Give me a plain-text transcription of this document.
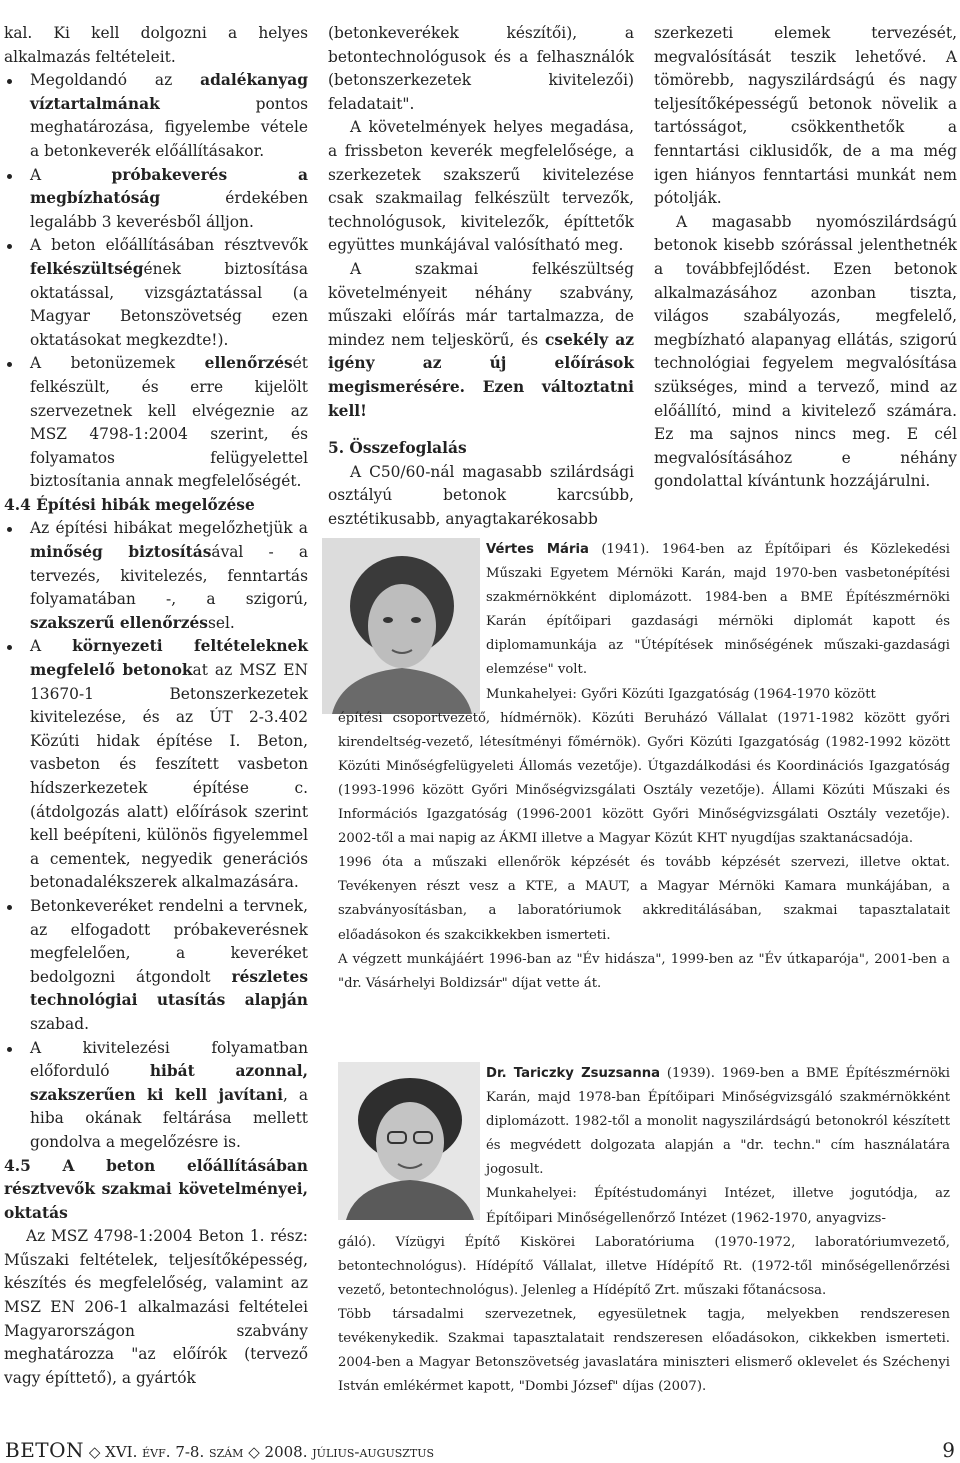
kal. Ki kell dolgozni a helyes alkalmazás feltételeit.

Megoldandó az adalékanyag víztartalmának pontos meghatározása, figyelembe vétele a betonkeverék előállításakor.
A próbakeverés a megbízhatóság érdekében legalább 3 keverésből álljon.
A beton előállításában résztvevők felkészültségének biztosítása oktatással, vizsgáztatással (a Magyar Betonszövetség ezen oktatásokat megkezdte!).
A betonüzemek ellenőrzését felkészült, és erre kijelölt szervezetnek kell elvégeznie az MSZ 4798-1:2004 szerint, és folyamatos felügyelettel biztosítania annak megfelelőségét.
4.4 Építési hibák megelőzése
Az építési hibákat megelőzhetjük a minőség biztosításával - a tervezés, kivitelezés, fenntartás folyamatában -, a szigorú, szakszerű ellenőrzéssel.
A környezeti feltételeknek megfelelő betonokat az MSZ EN 13670-1 Betonszerkezetek kivitelezése, és az ÚT 2-3.402 Közúti hidak építése I. Beton, vasbeton és feszített vasbeton hídszerkezetek építése c. (átdolgozás alatt) előírások szerint kell beépíteni, különös figyelemmel a cementek, negyedik generációs betonadalékszerek alkalmazására.
Betonkeveréket rendelni a tervnek, az elfogadott próbakeverésnek megfelelően, a keveréket bedolgozni átgondolt részletes technológiai utasítás alapján szabad.
A kivitelezési folyamatban előforduló hibát azonnal, szakszerűen ki kell javítani, a hiba okának feltárása mellett gondolva a megelőzésre is.
4.5 A beton előállításában résztvevők szakmai követelményei, oktatás

Az MSZ 4798-1:2004 Beton 1. rész: Műszaki feltételek, teljesítőképesség, készítés és megfelelőség, valamint az MSZ EN 206-1 alkalmazási feltételei Magyarországon szabvány meghatározza "az előírók (tervező vagy építtető), a gyártók

(betonkeverékek készítői), a betontechnológusok és a felhasználók (betonszerkezetek kivitelezői) feladatait".

A követelmények helyes megadása, a frissbeton keverék megfelelősége, a szerkezetek szakszerű kivitelezése csak szakmailag felkészült tervezők, technológusok, kivitelezők, építtetők együttes munkájával valósítható meg.

A szakmai felkészültség követelményeit néhány szabvány, műszaki előírás már tartalmazza, de mindez nem teljeskörű, és csekély az igény az új előírások megismerésére. Ezen változtatni kell!

5. Összefoglalás

A C50/60-nál magasabb szilárdsági osztályú betonok karcsúbb, esztétikusabb, anyagtakarékosabb

szerkezeti elemek tervezését, megvalósítását teszik lehetővé. A tömörebb, nagyszilárdságú és nagy teljesítőképességű betonok növelik a tartósságot, csökkenthetők a fenntartási ciklusidők, de a ma még igen hiányos fenntartási munkát nem pótolják.

A magasabb nyomószilárdságú betonok kisebb szórással jelenthetnék a továbbfejlődést. Ezen betonok alkalmazásához azonban tiszta, világos szabályozás, megfelelő, megbízható alapanyag ellátás, szigorú technológiai fegyelem megvalósítása szükséges, mind a tervező, mind az előállító, mind a kivitelező számára. Ez ma sajnos nincs meg. E cél megvalósításához e néhány gondolattal kívántunk hozzájárulni.

Vértes Mária (1941). 1964-ben az Építőipari és Közlekedési Műszaki Egyetem Mérnöki Karán, majd 1970-ben vasbetonépítési szakmérnökként diplomázott. 1984-ben a BME Építészmérnöki Karán építőipari gazdasági mérnöki diplomát kapott és diplomamunkája az "Útépítések minőségének műszaki-gazdasági elemzése" volt.

Munkahelyei: Győri Közúti Igazgatóság (1964-1970 között

építési csoportvezető, hídmérnök). Közúti Beruházó Vállalat (1971-1982 között győri kirendeltség-vezető, létesítményi főmérnök). Győri Közúti Igazgatóság (1982-1992 között Közúti Minőségfelügyeleti Állomás vezetője). Útgazdálkodási és Koordinációs Igazgatóság (1993-1996 között Győri Minőségvizsgálati Osztály vezetője). Állami Közúti Műszaki és Információs Igazgatóság (1996-2001 között Győri Minőségvizsgálati Osztály vezetője). 2002-től a mai napig az ÁKMI illetve a Magyar Közút KHT nyugdíjas szaktanácsadója.

1996 óta a műszaki ellenőrök képzését és tovább képzését szervezi, illetve oktat. Tevékenyen részt vesz a KTE, a MAUT, a Magyar Mérnöki Kamara munkájában, a szabványosításban, a laboratóriumok akkreditálásában, szakmai tapasztalatait előadásokon és szakcikkekben ismerteti.

A végzett munkájáért 1996-ban az "Év hidásza", 1999-ben az "Év útkaparója", 2001-ben a "dr. Vásárhelyi Boldizsár" díjat vette át.

Dr. Tariczky Zsuzsanna (1939). 1969-ben a BME Építészmérnöki Karán, majd 1978-ban Építőipari Minőségvizsgáló szakmérnökként diplomázott. 1982-től a monolit nagyszilárdságú betonokról készített és megvédett dolgozata alapján a "dr. techn." cím használatára jogosult.

Munkahelyei: Építéstudományi Intézet, illetve jogutódja, az Építőipari Minőségellenőrző Intézet (1962-1970, anyagvizs-

gáló). Vízügyi Építő Kiskörei Laboratóriuma (1970-1972, laboratóriumvezető, betontechnológus). Hídépítő Vállalat, illetve Hídépítő Rt. (1972-től minőségellenőrzési vezető, betontechnológus). Jelenleg a Hídépítő Zrt. műszaki főtanácsosa.

Több társadalmi szervezetnek, egyesületnek tagja, melyekben rendszeresen tevékenykedik. Szakmai tapasztalatait rendszeresen előadásokon, cikkekben ismerteti. 2004-ben a Magyar Betonszövetség javaslatára miniszteri elismerő oklevelet és Széchenyi István emlékérmet kapott, "Dombi József" díjas (2007).

BETON ◇ XVI. évf. 7-8. szám ◇ 2008. július-augusztus	9
